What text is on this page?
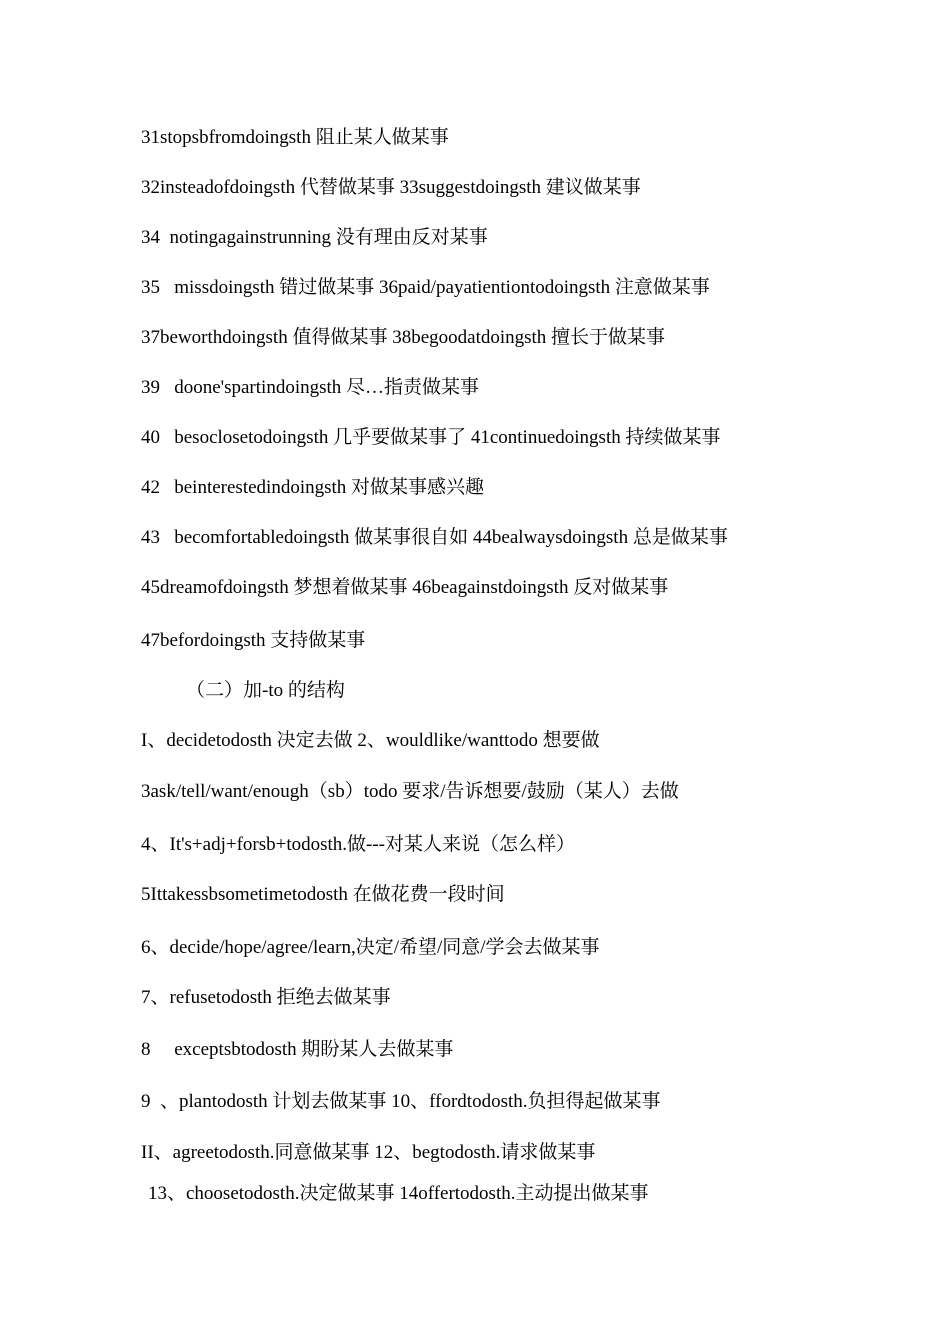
31stopsbfromdoingsth 阻止某人做某事
32insteadofdoingsth 代替做某事 33suggestdoingsth 建议做某事
34  notingagainstrunning 没有理由反对某事
35   missdoingsth 错过做某事 36paid/payatientiontodoingsth 注意做某事
37beworthdoingsth 值得做某事 38begoodatdoingsth 擅长于做某事
39   doone'spartindoingsth 尽…指责做某事
40   besoclosetodoingsth 几乎要做某事了 41continuedoingsth 持续做某事
42   beinterestedindoingsth 对做某事感兴趣
43   becomfortabledoingsth 做某事很自如 44bealwaysdoingsth 总是做某事
45dreamofdoingsth 梦想着做某事 46beagainstdoingsth 反对做某事
47befordoingsth 支持做某事
（二）加-to 的结构
I、decidetodosth 决定去做 2、wouldlike/wanttodo 想要做
3ask/tell/want/enough（sb）todo 要求/告诉想要/鼓励（某人）去做
4、It's+adj+forsb+todosth.做---对某人来说（怎么样）
5Ittakessbsometimetodosth 在做花费一段时间
6、decide/hope/agree/learn,决定/希望/同意/学会去做某事
7、refusetodosth 拒绝去做某事
8     exceptsbtodosth 期盼某人去做某事
9  、plantodosth 计划去做某事 10、ffordtodosth.负担得起做某事
II、agreetodosth.同意做某事 12、begtodosth.请求做某事
13、choosetodosth.决定做某事 14offertodosth.主动提出做某事
